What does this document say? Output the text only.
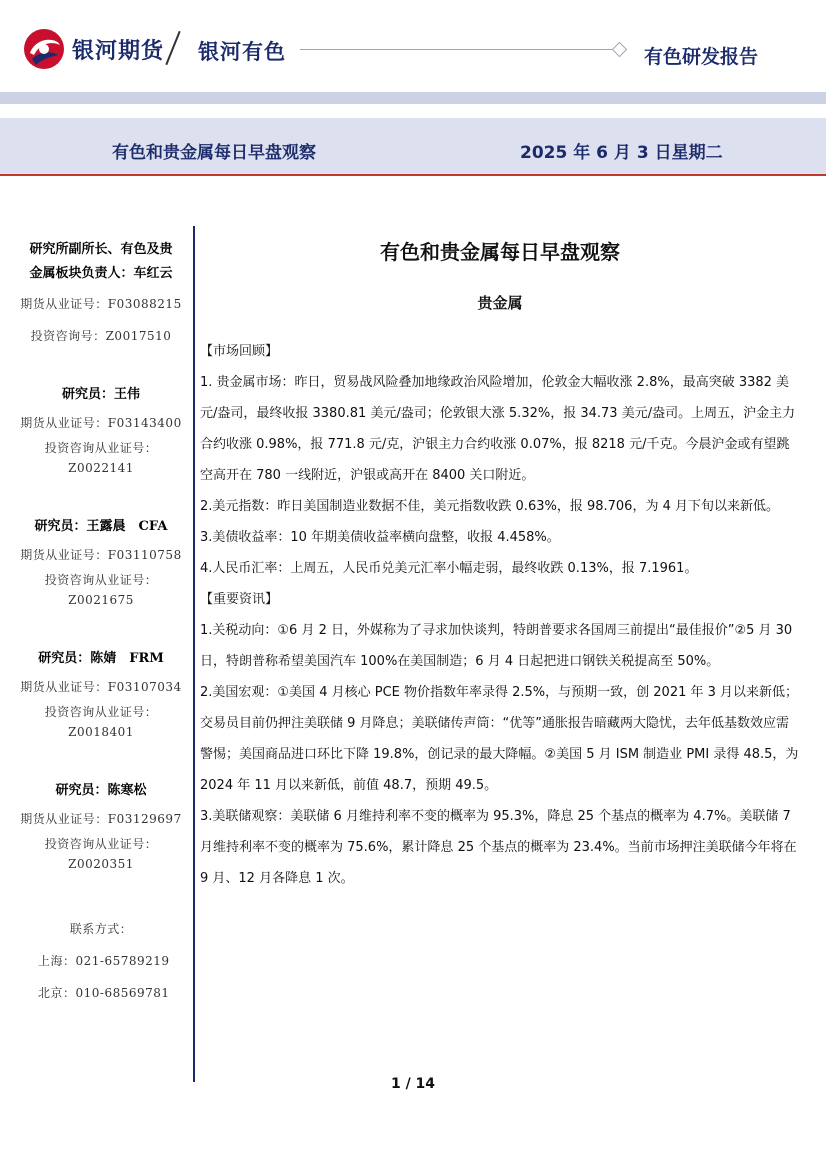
银河期货 银河有色	有色研发报告
有色和贵金属每日早盘观察	2025 年 6 月 3 日星期二
研究所副所长、有色及贵
金属板块负责人：车红云
期货从业证号：F03088215
投资咨询号：Z0017510
研究员：王伟
期货从业证号：F03143400
投资咨询从业证号：
Z0022141
研究员：王露晨　CFA
期货从业证号：F03110758
投资咨询从业证号：
Z0021675
研究员：陈婧　FRM
期货从业证号：F03107034
投资咨询从业证号：
Z0018401
研究员：陈寒松
期货从业证号：F03129697
投资咨询从业证号：
Z0020351
联系方式：
上海：021-65789219
北京：010-68569781
有色和贵金属每日早盘观察
贵金属

【市场回顾】

1. 贵金属市场：昨日，贸易战风险叠加地缘政治风险增加，伦敦金大幅收涨 2.8%，最高突破 3382 美元/盎司，最终收报 3380.81 美元/盎司；伦敦银大涨 5.32%，报 34.73 美元/盎司。上周五，沪金主力合约收涨 0.98%，报 771.8 元/克，沪银主力合约收涨 0.07%，报 8218 元/千克。今晨沪金或有望跳空高开在 780 一线附近，沪银或高开在 8400 关口附近。

2.美元指数：昨日美国制造业数据不佳，美元指数收跌 0.63%，报 98.706，为 4 月下旬以来新低。

3.美债收益率：10 年期美债收益率横向盘整，收报 4.458%。

4.人民币汇率：上周五，人民币兑美元汇率小幅走弱，最终收跌 0.13%，报 7.1961。

【重要资讯】

1.关税动向：①6 月 2 日，外媒称为了寻求加快谈判，特朗普要求各国周三前提出“最佳报价”②5 月 30 日，特朗普称希望美国汽车 100%在美国制造；6 月 4 日起把进口钢铁关税提高至 50%。

2.美国宏观：①美国 4 月核心 PCE 物价指数年率录得 2.5%，与预期一致，创 2021 年 3 月以来新低；交易员目前仍押注美联储 9 月降息；美联储传声筒：“优等”通胀报告暗藏两大隐忧，去年低基数效应需警惕；美国商品进口环比下降 19.8%，创记录的最大降幅。②美国 5 月 ISM 制造业 PMI 录得 48.5，为 2024 年 11 月以来新低，前值 48.7，预期 49.5。

3.美联储观察：美联储 6 月维持利率不变的概率为 95.3%，降息 25 个基点的概率为 4.7%。美联储 7 月维持利率不变的概率为 75.6%，累计降息 25 个基点的概率为 23.4%。当前市场押注美联储今年将在 9 月、12 月各降息 1 次。

1 / 14
